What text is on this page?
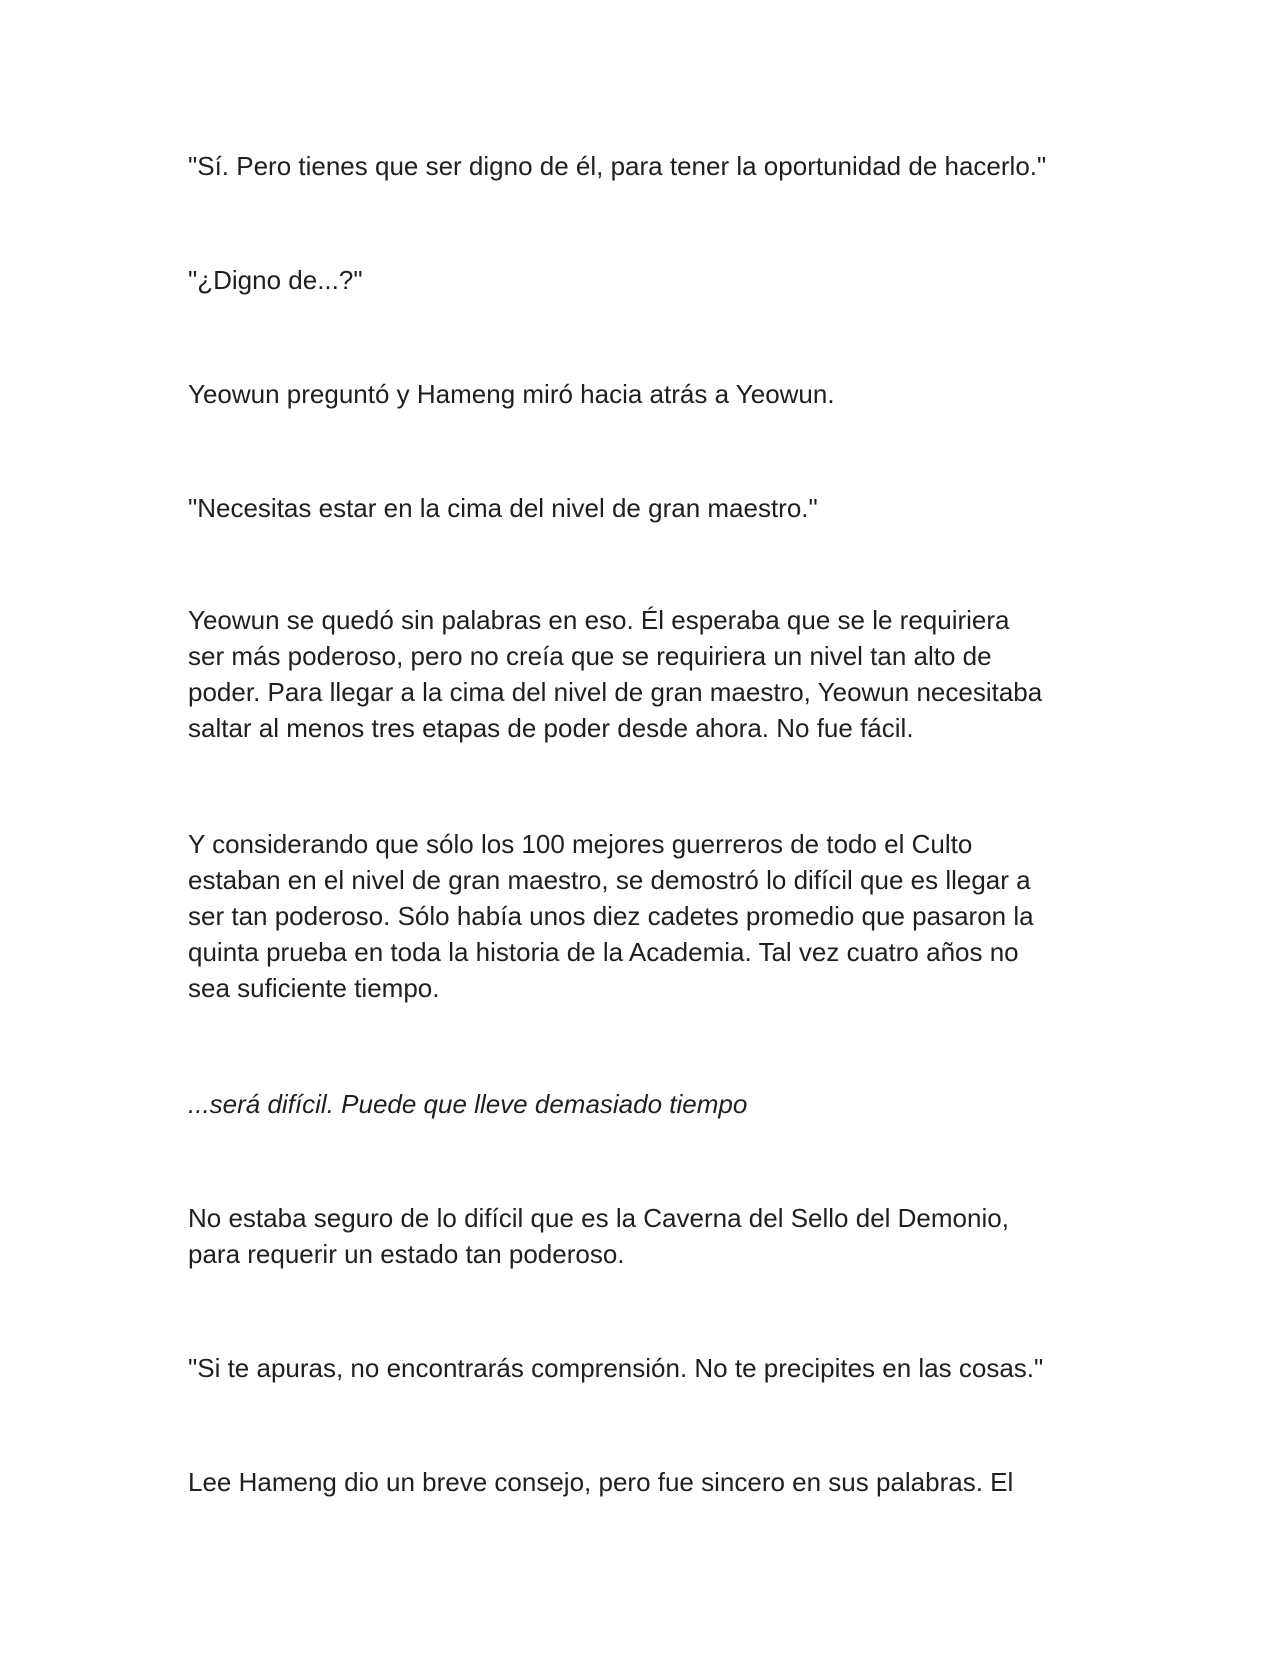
"Sí. Pero tienes que ser digno de él, para tener la oportunidad de hacerlo."

"¿Digno de...?"

Yeowun preguntó y Hameng miró hacia atrás a Yeowun.

"Necesitas estar en la cima del nivel de gran maestro."

Yeowun se quedó sin palabras en eso. Él esperaba que se le requiriera
ser más poderoso, pero no creía que se requiriera un nivel tan alto de
poder. Para llegar a la cima del nivel de gran maestro, Yeowun necesitaba
saltar al menos tres etapas de poder desde ahora. No fue fácil.

Y considerando que sólo los 100 mejores guerreros de todo el Culto
estaban en el nivel de gran maestro, se demostró lo difícil que es llegar a
ser tan poderoso. Sólo había unos diez cadetes promedio que pasaron la
quinta prueba en toda la historia de la Academia. Tal vez cuatro años no
sea suficiente tiempo.

...será difícil. Puede que lleve demasiado tiempo

No estaba seguro de lo difícil que es la Caverna del Sello del Demonio,
para requerir un estado tan poderoso.

"Si te apuras, no encontrarás comprensión. No te precipites en las cosas."

Lee Hameng dio un breve consejo, pero fue sincero en sus palabras. El
